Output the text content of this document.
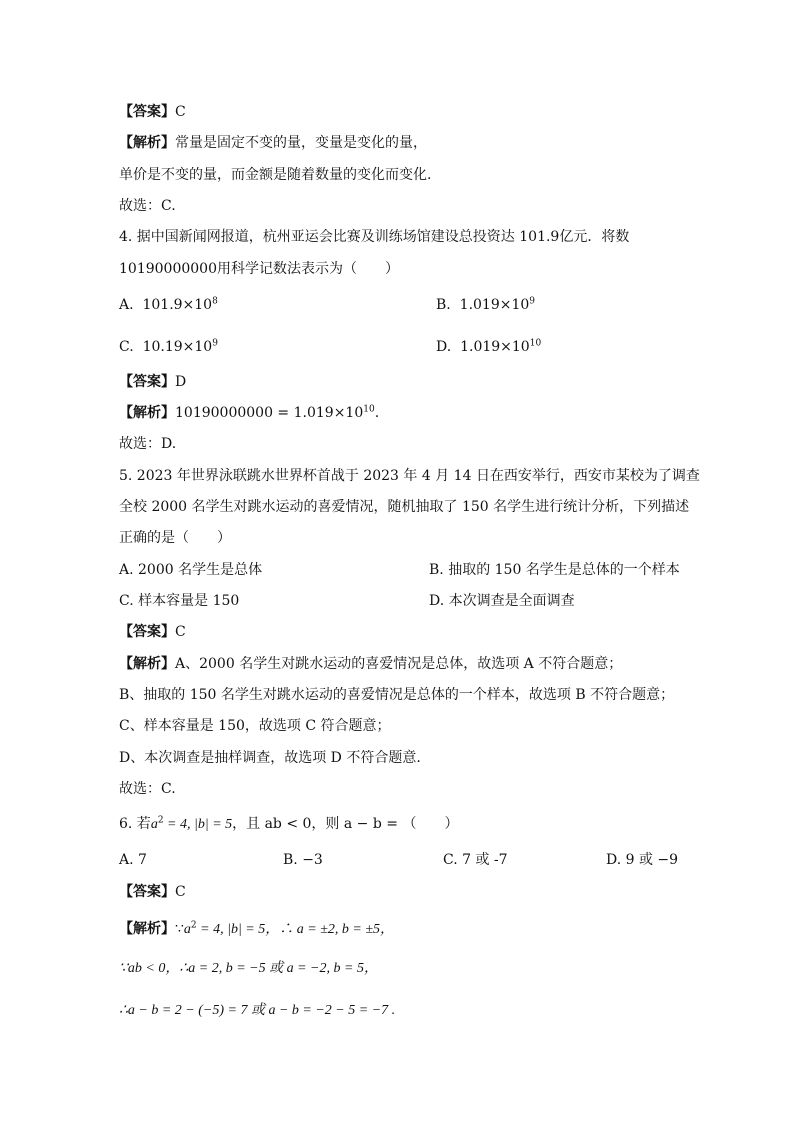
【答案】C
【解析】常量是固定不变的量，变量是变化的量，
单价是不变的量，而金额是随着数量的变化而变化.
故选：C.
4. 据中国新闻网报道，杭州亚运会比赛及训练场馆建设总投资达 101.9亿元．将数
10190000000用科学记数法表示为（　　）
A. $101.9\times 10^8$	B. $1.019\times 10^9$
C. $10.19\times 10^9$	D. $1.019\times 10^{10}$
【答案】D
【解析】$10190000000 = 1.019\times 10^{10}$.
故选：D.
5. 2023 年世界泳联跳水世界杯首战于 2023 年 4 月 14 日在西安举行，西安市某校为了调查
全校 2000 名学生对跳水运动的喜爱情况，随机抽取了 150 名学生进行统计分析，下列描述
正确的是（　　）
A. 2000 名学生是总体	B. 抽取的 150 名学生是总体的一个样本
C. 样本容量是 150	D. 本次调查是全面调查
【答案】C
【解析】A、2000 名学生对跳水运动的喜爱情况是总体，故选项 A 不符合题意；
B、抽取的 150 名学生对跳水运动的喜爱情况是总体的一个样本，故选项 B 不符合题意；
C、样本容量是 150，故选项 C 符合题意；
D、本次调查是抽样调查，故选项 D 不符合题意.
故选：C.
6. 若$a^2 = 4$, |b| = 5，且 ab < 0，则 a − b = （　　）
A. 7	B. −3	C. 7 或 -7	D. 9 或 −9
【答案】C
【解析】$\because a^2 = 4$, |b| = 5，∴ a = ±2, b = ±5，
∵ab < 0，∴a = 2, b = −5 或 a = −2, b = 5，
∴a − b = 2 − (−5) = 7 或 a − b = −2 − 5 = −7 .
